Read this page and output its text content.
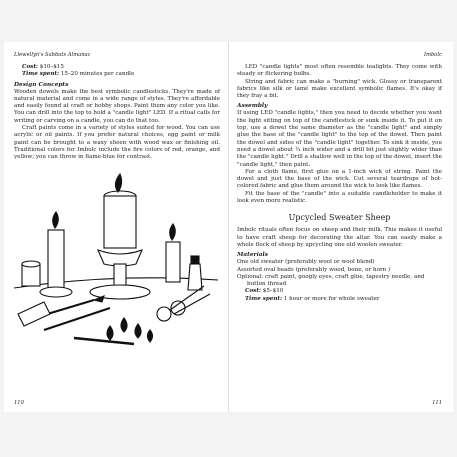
Llewellyn's Sabbats Almanac
Cost: $10–$15
Time spent: 15–20 minutes per candle
Design Concepts

Wooden dowels make the best symbolic candlesticks. They're made of natural material and come in a wide range of styles. They're affordable and easily found at craft or hobby shops. Paint them any color you like. You can drill into the top to hold a "candle light" LED. If a ritual calls for writing or carving on a candle, you can do that too.

Craft paints come in a variety of styles suited for wood. You can use acrylic or oil paints. If you prefer natural choices, egg paint or milk paint can be brought to a waxy sheen with wood wax or finishing oil. Traditional colors for Imbolc include the fire colors of red, orange, and yellow; you can throw in flame-blue for contrast.

110
Imbolc

LED "candle lights" most often resemble tealights. They come with steady or flickering bulbs.

String and fabric can make a "burning" wick. Glossy or transparent fabrics like silk or lamé make excellent symbolic flames. It's okay if they fray a bit.

Assembly

If using LED "candle lights," then you need to decide whether you want the light sitting on top of the candlestick or sunk inside it. To put it on top, use a dowel the same diameter as the "candle light" and simply glue the base of the "candle light" to the top of the dowel. Then paint the dowel and sides of the "candle light" together. To sink it inside, you need a dowel about ¼ inch wider and a drill bit just slightly wider than the "candle light." Drill a shallow well in the top of the dowel, insert the "candle light," then paint.

For a cloth flame, first glue on a 1-inch wick of string. Paint the dowel and just the base of the wick. Cut several teardrops of hot-colored fabric and glue them around the wick to look like flames.

Fit the base of the "candle" into a suitable candleholder to make it look even more realistic.

Upcycled Sweater Sheep

Imbolc rituals often focus on sheep and their milk. This makes it useful to have craft sheep for decorating the altar. You can easily make a whole flock of sheep by upcycling one old woolen sweater.

Materials
One old sweater (preferably wool or wool blend)
Assorted oval beads (preferably wood, bone, or horn )
Optional: craft paint, googly eyes, craft glue, tapestry needle, and button thread
Cost: $5–$10
Time spent: 1 hour or more for whole sweater
111
